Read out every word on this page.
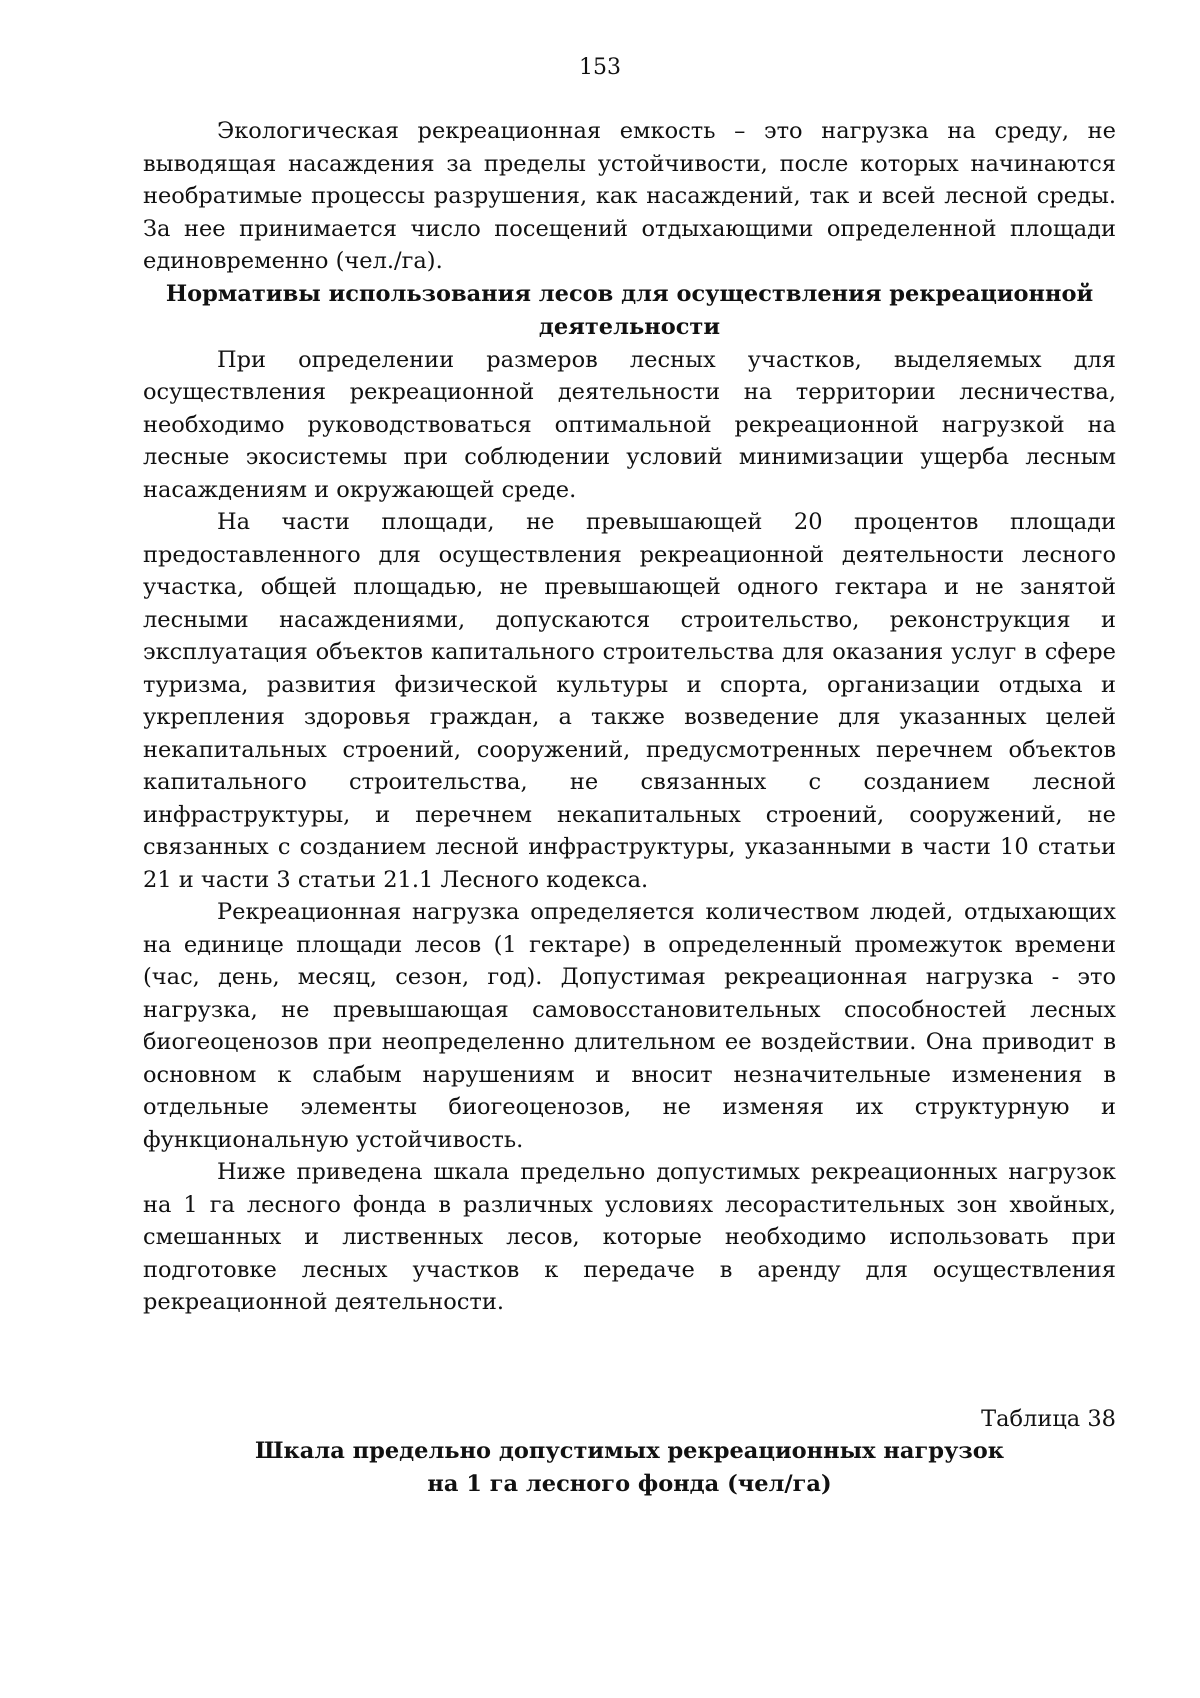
153

Экологическая рекреационная емкость – это нагрузка на среду, не выводящая насаждения за пределы устойчивости, после которых начинаются необратимые процессы разрушения, как насаждений, так и всей лесной среды. За нее принимается число посещений отдыхающими определенной площади единовременно (чел./га).

Нормативы использования лесов для осуществления рекреационной
деятельности

При определении размеров лесных участков, выделяемых для осуществления рекреационной деятельности на территории лесничества, необходимо руководствоваться оптимальной рекреационной нагрузкой на лесные экосистемы при соблюдении условий минимизации ущерба лесным насаждениям и окружающей среде.

На части площади, не превышающей 20 процентов площади предоставленного для осуществления рекреационной деятельности лесного участка, общей площадью, не превышающей одного гектара и не занятой лесными насаждениями, допускаются строительство, реконструкция и эксплуатация объектов капитального строительства для оказания услуг в сфере туризма, развития физической культуры и спорта, организации отдыха и укрепления здоровья граждан, а также возведение для указанных целей некапитальных строений, сооружений, предусмотренных перечнем объектов капитального строительства, не связанных с созданием лесной инфраструктуры, и перечнем некапитальных строений, сооружений, не связанных с созданием лесной инфраструктуры, указанными в части 10 статьи 21 и части 3 статьи 21.1 Лесного кодекса.

Рекреационная нагрузка определяется количеством людей, отдыхающих на единице площади лесов (1 гектаре) в определенный промежуток времени (час, день, месяц, сезон, год). Допустимая рекреационная нагрузка - это нагрузка, не превышающая самовосстановительных способностей лесных биогеоценозов при неопределенно длительном ее воздействии. Она приводит в основном к слабым нарушениям и вносит незначительные изменения в отдельные элементы биогеоценозов, не изменяя их структурную и функциональную устойчивость.

Ниже приведена шкала предельно допустимых рекреационных нагрузок на 1 га лесного фонда в различных условиях лесорастительных зон хвойных, смешанных и лиственных лесов, которые необходимо использовать при подготовке лесных участков к передаче в аренду для осуществления рекреационной деятельности.

Таблица 38
Шкала предельно допустимых рекреационных нагрузок
на 1 га лесного фонда (чел/га)
